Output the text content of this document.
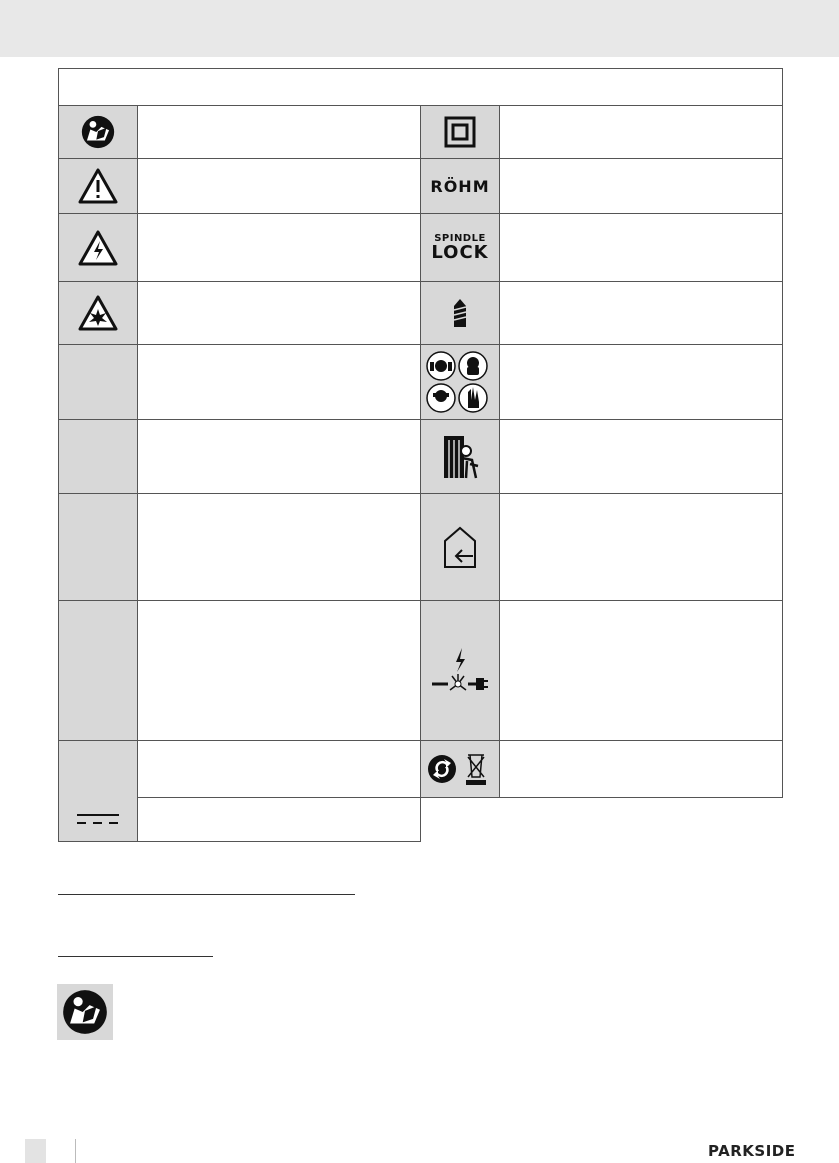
RÖHM
SPINDLE
LOCK
PARKSIDE
